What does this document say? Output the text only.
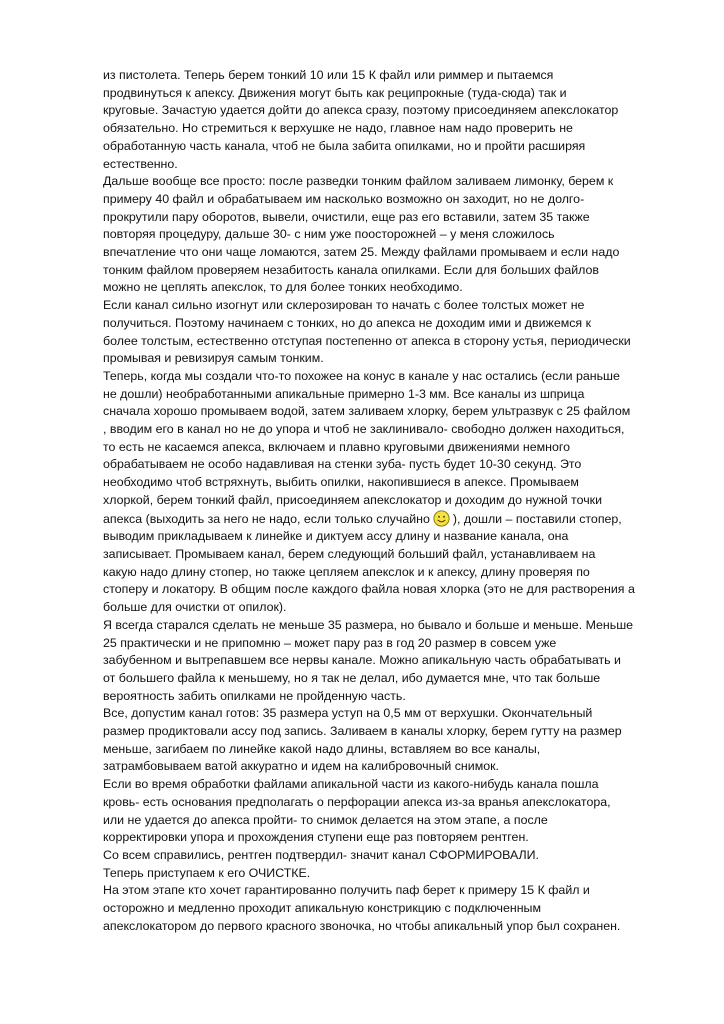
из пистолета. Теперь берем тонкий 10 или 15 К файл или риммер и пытаемся
продвинуться к апексу. Движения могут быть как реципрокные (туда-сюда) так и
круговые. Зачастую удается дойти до апекса сразу, поэтому присоединяем апекслокатор
обязательно. Но стремиться к верхушке не надо, главное нам надо проверить не
обработанную часть канала, чтоб не была забита опилками, но и пройти расширяя
естественно.
Дальше вообще все просто: после разведки тонким файлом заливаем лимонку, берем к
примеру 40 файл и обрабатываем им насколько возможно он заходит, но не долго-
прокрутили пару оборотов, вывели, очистили, еще раз его вставили, затем 35 также
повторяя процедуру, дальше 30- с ним уже поосторожней – у меня сложилось
впечатление что они чаще ломаются, затем 25. Между файлами промываем и если надо
тонким файлом проверяем незабитость канала опилками. Если для больших файлов
можно не цеплять апекслок, то для более тонких необходимо.
Если канал сильно изогнут или склерозирован то начать с более толстых может не
получиться. Поэтому начинаем с тонких, но до апекса не доходим ими и движемся к
более толстым, естественно отступая постепенно от апекса в сторону устья, периодически
промывая и ревизируя самым тонким.
Теперь, когда мы создали что-то похожее на конус в канале у нас остались (если раньше
не дошли) необработанными апикальные примерно 1-3 мм. Все каналы из шприца
сначала хорошо промываем водой, затем заливаем хлорку, берем ультразвук с 25 файлом
, вводим его в канал но не до упора и чтоб не заклинивало- свободно должен находиться,
то есть не касаемся апекса, включаем и плавно круговыми движениями немного
обрабатываем не особо надавливая на стенки зуба- пусть будет 10-30 секунд. Это
необходимо чтоб встряхнуть, выбить опилки, накопившиеся в апексе. Промываем
хлоркой, берем тонкий файл, присоединяем апекслокатор и доходим до нужной точки
апекса (выходить за него не надо, если только случайно ), дошли – поставили стопер,
выводим прикладываем к линейке и диктуем ассу длину и название канала, она
записывает. Промываем канал, берем следующий больший файл, устанавливаем на
какую надо длину стопер, но также цепляем апекслок и к апексу, длину проверяя по
стоперу и локатору. В общим после каждого файла новая хлорка (это не для растворения а
больше для очистки от опилок).
Я всегда старался сделать не меньше 35 размера, но бывало и больше и меньше. Меньше
25 практически и не припомню – может пару раз в год 20 размер в совсем уже
забубенном и вытрепавшем все нервы канале. Можно апикальную часть обрабатывать и
от большего файла к меньшему, но я так не делал, ибо думается мне, что так больше
вероятность забить опилками не пройденную часть.
Все, допустим канал готов: 35 размера уступ на 0,5 мм от верхушки. Окончательный
размер продиктовали ассу под запись. Заливаем в каналы хлорку, берем гутту на размер
меньше, загибаем по линейке какой надо длины, вставляем во все каналы,
затрамбовываем ватой аккуратно и идем на калибровочный снимок.
Если во время обработки файлами апикальной части из какого-нибудь канала пошла
кровь- есть основания предполагать о перфорации апекса из-за вранья апекслокатора,
или не удается до апекса пройти- то снимок делается на этом этапе, а после
корректировки упора и прохождения ступени еще раз повторяем рентген.
Со всем справились, рентген подтвердил- значит канал СФОРМИРОВАЛИ.
Теперь приступаем к его ОЧИСТКЕ.
На этом этапе кто хочет гарантированно получить паф берет к примеру 15 К файл и
осторожно и медленно проходит апикальную констрикцию с подключенным
апекслокатором до первого красного звоночка, но чтобы апикальный упор был сохранен.
